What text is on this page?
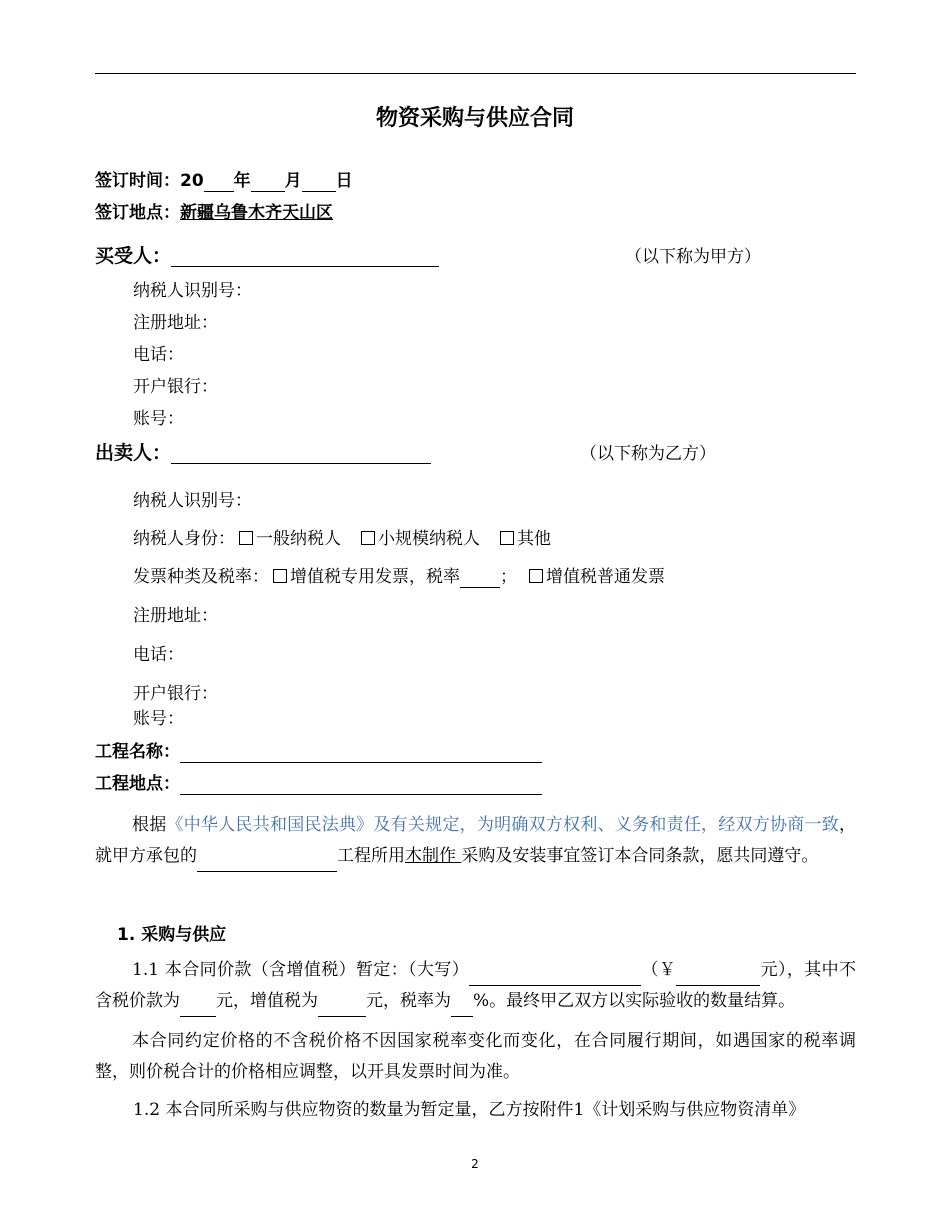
物资采购与供应合同
签订时间：20 年 月 日
签订地点：新疆乌鲁木齐天山区
买受人：	（以下称为甲方）
纳税人识别号：
注册地址：
电话：
开户银行：
账号：
出卖人：	（以下称为乙方）
纳税人识别号：
纳税人身份： 一般纳税人 小规模纳税人 其他
发票种类及税率： 增值税专用发票，税率 ； 增值税普通发票
注册地址：
电话：
开户银行：
账号：
工程名称：
工程地点：
根据《中华人民共和国民法典》及有关规定，为明确双方权利、义务和责任，经双方协商一致，就甲方承包的	工程所用木制作 采购及安装事宜签订本合同条款，愿共同遵守。
1. 采购与供应
1.1 本合同价款（含增值税）暂定：（大写）	（￥	元），其中不含税价款为 元，增值税为	元，税率为 %。最终甲乙双方以实际验收的数量结算。
本合同约定价格的不含税价格不因国家税率变化而变化，在合同履行期间，如遇国家的税率调整，则价税合计的价格相应调整，以开具发票时间为准。
1.2 本合同所采购与供应物资的数量为暂定量，乙方按附件1《计划采购与供应物资清单》
2
